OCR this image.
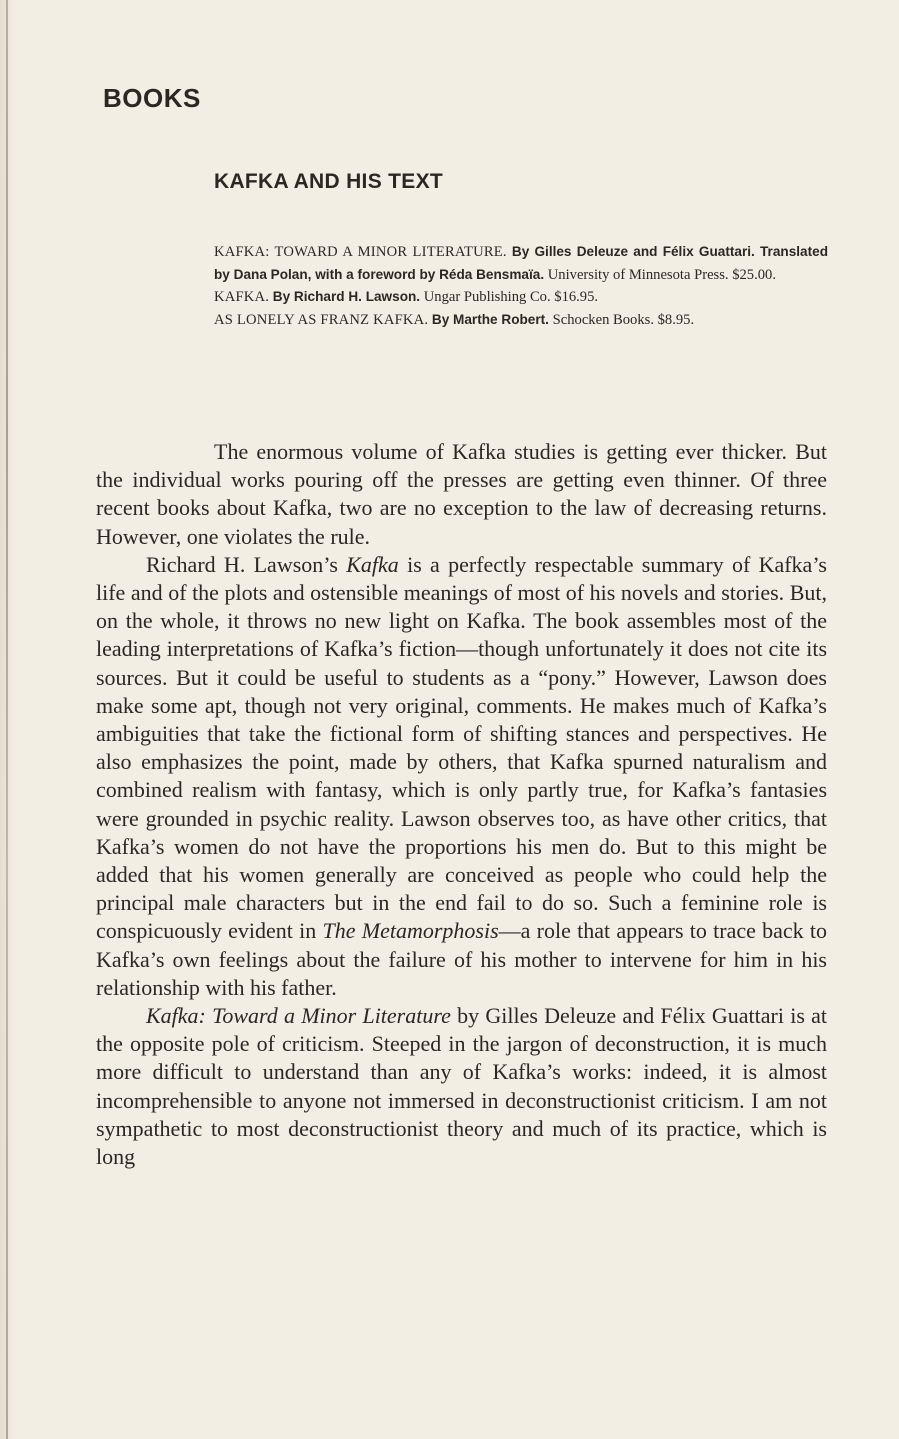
BOOKS
KAFKA AND HIS TEXT

KAFKA: TOWARD A MINOR LITERATURE. By Gilles Deleuze and Félix Guattari. Translated by Dana Polan, with a foreword by Réda Bensmaïa. University of Minnesota Press. $25.00.

KAFKA. By Richard H. Lawson. Ungar Publishing Co. $16.95.

AS LONELY AS FRANZ KAFKA. By Marthe Robert. Schocken Books. $8.95.

The enormous volume of Kafka studies is getting ever thicker. But the individual works pouring off the presses are getting even thinner. Of three recent books about Kafka, two are no exception to the law of decreasing returns. However, one violates the rule.

Richard H. Lawson’s Kafka is a perfectly respectable summary of Kafka’s life and of the plots and ostensible meanings of most of his novels and stories. But, on the whole, it throws no new light on Kafka. The book assembles most of the leading interpretations of Kafka’s fiction—though unfortunately it does not cite its sources. But it could be useful to students as a “pony.” However, Lawson does make some apt, though not very original, comments. He makes much of Kafka’s ambiguities that take the fictional form of shifting stances and perspectives. He also emphasizes the point, made by others, that Kafka spurned naturalism and combined realism with fantasy, which is only partly true, for Kafka’s fantasies were grounded in psychic reality. Lawson observes too, as have other critics, that Kafka’s women do not have the proportions his men do. But to this might be added that his women generally are conceived as people who could help the principal male characters but in the end fail to do so. Such a feminine role is conspicuously evident in The Metamorphosis—a role that appears to trace back to Kafka’s own feelings about the failure of his mother to intervene for him in his relationship with his father.

Kafka: Toward a Minor Literature by Gilles Deleuze and Félix Guattari is at the opposite pole of criticism. Steeped in the jargon of deconstruction, it is much more difficult to understand than any of Kafka’s works: indeed, it is almost incomprehensible to anyone not immersed in deconstructionist criticism. I am not sympathetic to most deconstructionist theory and much of its practice, which is long
